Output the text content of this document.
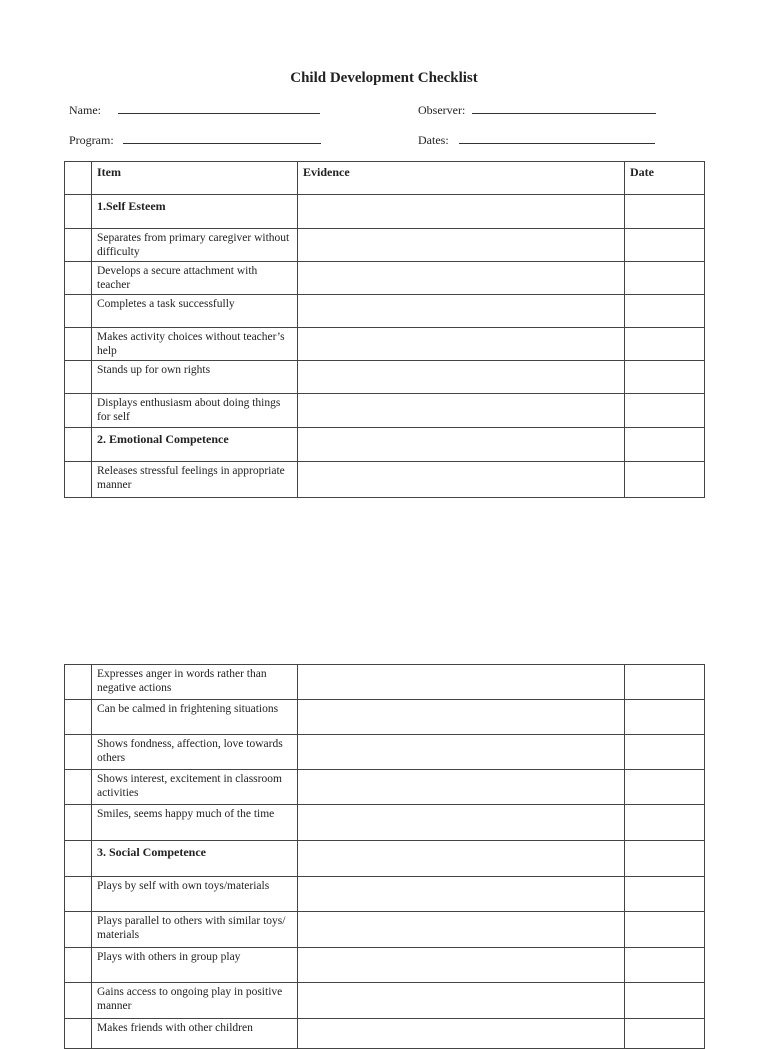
Child Development Checklist
Name:	Observer:
Program:	Dates:
	Item	Evidence	Date
	1.Self Esteem		
	Separates from primary caregiver without difficulty		
	Develops a secure attachment with teacher		
	Completes a task successfully		
	Makes activity choices without teacher’s help		
	Stands up for own rights		
	Displays enthusiasm about doing things for self		
	2. Emotional Competence		
	Releases stressful feelings in appropriate manner		
	Expresses anger in words rather than negative actions		
	Can be calmed in frightening situations		
	Shows fondness, affection, love towards others		
	Shows interest, excitement in classroom activities		
	Smiles, seems happy much of the time		
	3. Social Competence		
	Plays by self with own toys/materials		
	Plays parallel to others with similar toys/ materials		
	Plays with others in group play		
	Gains access to ongoing play in positive manner		
	Makes friends with other children		
